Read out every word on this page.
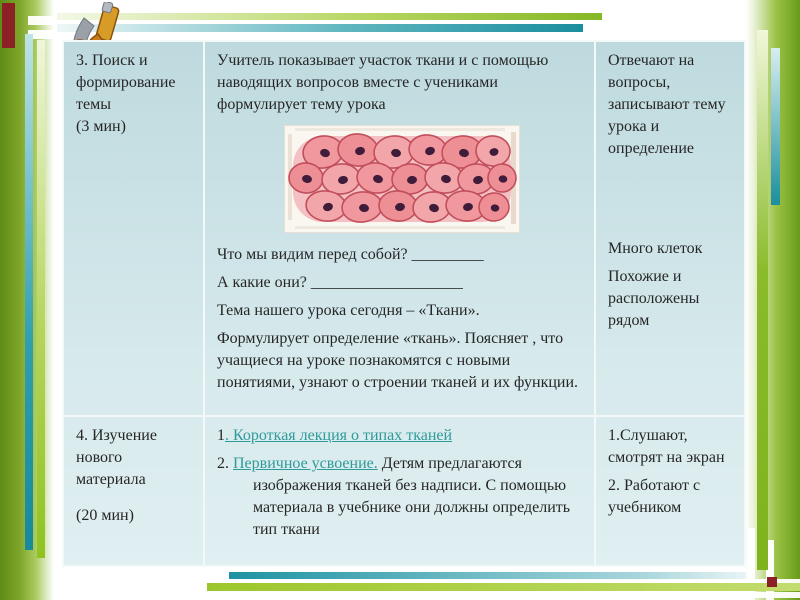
3. Поиск и формирование темы
(3 мин)

Учитель показывает участок ткани и с помощью наводящих вопросов вместе с учениками формулирует тему урока

Что мы видим перед собой? _________

А какие они? ___________________

Тема нашего урока сегодня – «Ткани».

Формулирует определение «ткань». Поясняет , что учащиеся на уроке познакомятся с новыми понятиями, узнают о строении тканей и их функции.

Отвечают на вопросы, записывают тему урока и определение

Много клеток

Похожие и расположены рядом

4. Изучение нового материала
(20 мин)

1. Короткая лекция о типах тканей

2. Первичное усвоение. Детям предлагаются изображения тканей без надписи. С помощью материала в учебнике они должны определить тип ткани

1.Слушают, смотрят на экран

2. Работают с учебником
